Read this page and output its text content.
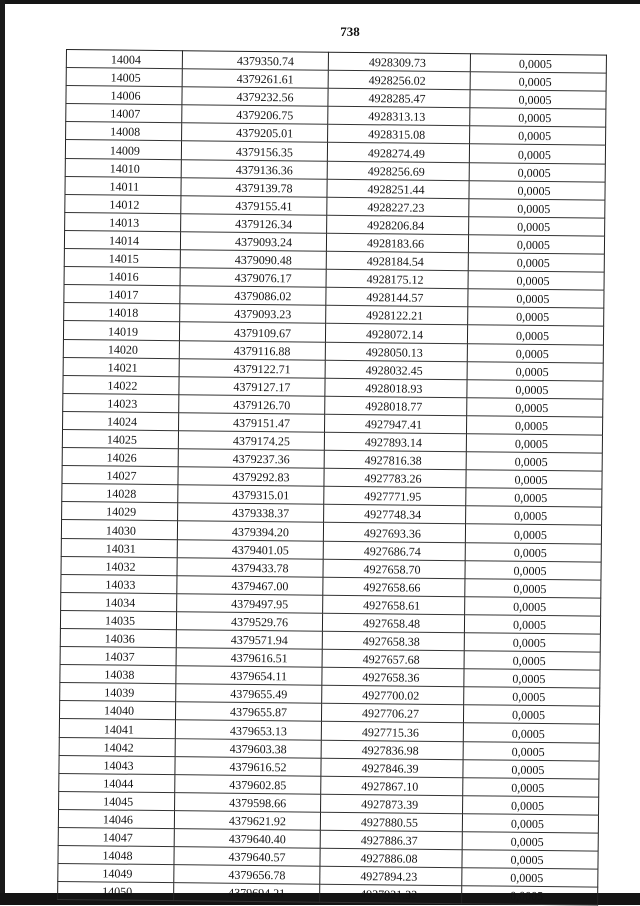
738
14004	4379350.74	4928309.73	0,0005
14005	4379261.61	4928256.02	0,0005
14006	4379232.56	4928285.47	0,0005
14007	4379206.75	4928313.13	0,0005
14008	4379205.01	4928315.08	0,0005
14009	4379156.35	4928274.49	0,0005
14010	4379136.36	4928256.69	0,0005
14011	4379139.78	4928251.44	0,0005
14012	4379155.41	4928227.23	0,0005
14013	4379126.34	4928206.84	0,0005
14014	4379093.24	4928183.66	0,0005
14015	4379090.48	4928184.54	0,0005
14016	4379076.17	4928175.12	0,0005
14017	4379086.02	4928144.57	0,0005
14018	4379093.23	4928122.21	0,0005
14019	4379109.67	4928072.14	0,0005
14020	4379116.88	4928050.13	0,0005
14021	4379122.71	4928032.45	0,0005
14022	4379127.17	4928018.93	0,0005
14023	4379126.70	4928018.77	0,0005
14024	4379151.47	4927947.41	0,0005
14025	4379174.25	4927893.14	0,0005
14026	4379237.36	4927816.38	0,0005
14027	4379292.83	4927783.26	0,0005
14028	4379315.01	4927771.95	0,0005
14029	4379338.37	4927748.34	0,0005
14030	4379394.20	4927693.36	0,0005
14031	4379401.05	4927686.74	0,0005
14032	4379433.78	4927658.70	0,0005
14033	4379467.00	4927658.66	0,0005
14034	4379497.95	4927658.61	0,0005
14035	4379529.76	4927658.48	0,0005
14036	4379571.94	4927658.38	0,0005
14037	4379616.51	4927657.68	0,0005
14038	4379654.11	4927658.36	0,0005
14039	4379655.49	4927700.02	0,0005
14040	4379655.87	4927706.27	0,0005
14041	4379653.13	4927715.36	0,0005
14042	4379603.38	4927836.98	0,0005
14043	4379616.52	4927846.39	0,0005
14044	4379602.85	4927867.10	0,0005
14045	4379598.66	4927873.39	0,0005
14046	4379621.92	4927880.55	0,0005
14047	4379640.40	4927886.37	0,0005
14048	4379640.57	4927886.08	0,0005
14049	4379656.78	4927894.23	0,0005
14050	4379694.21	4927921.32	0,0005
